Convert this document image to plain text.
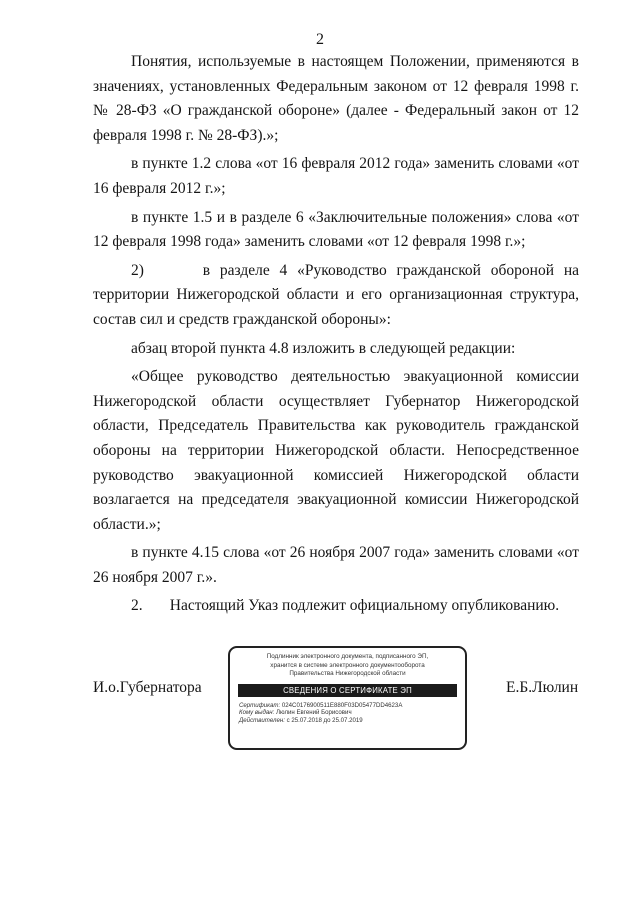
2

Понятия, используемые в настоящем Положении, применяются в значениях, установленных Федеральным законом от 12 февраля 1998 г. № 28-ФЗ «О гражданской обороне» (далее - Федеральный закон от 12 февраля 1998 г. № 28-ФЗ).»;

в пункте 1.2 слова «от 16 февраля 2012 года» заменить словами «от 16 февраля 2012 г.»;

в пункте 1.5 и в разделе 6 «Заключительные положения» слова «от 12 февраля 1998 года» заменить словами «от 12 февраля 1998 г.»;

2)      в разделе 4 «Руководство гражданской обороной на территории Нижегородской области и его организационная структура, состав сил и средств гражданской обороны»:

абзац второй пункта 4.8 изложить в следующей редакции:

«Общее руководство деятельностью эвакуационной комиссии Нижегородской области осуществляет Губернатор Нижегородской области, Председатель Правительства как руководитель гражданской обороны на территории Нижегородской области. Непосредственное руководство эвакуационной комиссией Нижегородской области возлагается на председателя эвакуационной комиссии Нижегородской области.»;

в пункте 4.15 слова «от 26 ноября 2007 года» заменить словами «от 26 ноября 2007 г.».

2.       Настоящий Указ подлежит официальному опубликованию.

И.о.Губернатора
Подлинник электронного документа, подписанного ЭП,
хранится в системе электронного документооборота
Правительства Нижегородской области
СВЕДЕНИЯ О СЕРТИФИКАТЕ ЭП
Сертификат: 024C0176900511E880F03D05477DD4623A
Кому выдан: Люлин Евгений Борисович
Действителен: с 25.07.2018 до 25.07.2019
Е.Б.Люлин
